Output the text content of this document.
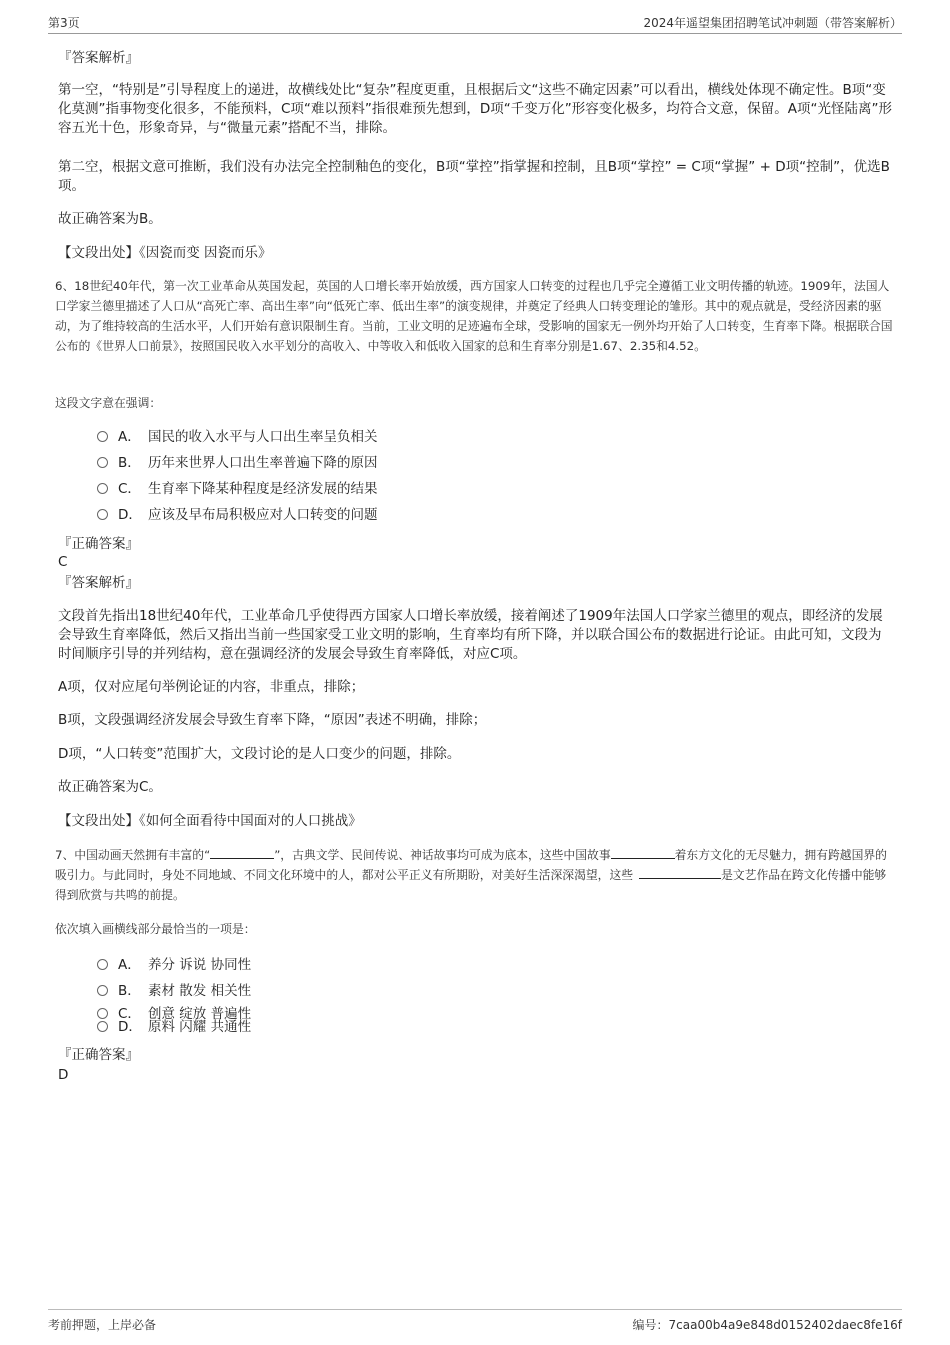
第3页	2024年遥望集团招聘笔试冲刺题（带答案解析）
『答案解析』
第一空，“特别是”引导程度上的递进，故横线处比“复杂”程度更重，且根据后文“这些不确定因素”可以看出，横线处体现不确定性。B项“变化莫测”指事物变化很多，不能预料，C项“难以预料”指很难预先想到，D项“千变万化”形容变化极多，均符合文意，保留。A项“光怪陆离”形容五光十色，形象奇异，与“微量元素”搭配不当，排除。
第二空，根据文意可推断，我们没有办法完全控制釉色的变化，B项“掌控”指掌握和控制，且B项“掌控” = C项“掌握” + D项“控制”，优选B项。
故正确答案为B。
【文段出处】《因瓷而变 因瓷而乐》
6、18世纪40年代，第一次工业革命从英国发起，英国的人口增长率开始放缓，西方国家人口转变的过程也几乎完全遵循工业文明传播的轨迹。1909年，法国人口学家兰德里描述了人口从“高死亡率、高出生率”向“低死亡率、低出生率”的演变规律，并奠定了经典人口转变理论的雏形。其中的观点就是，受经济因素的驱动，为了维持较高的生活水平，人们开始有意识限制生育。当前，工业文明的足迹遍布全球，受影响的国家无一例外均开始了人口转变，生育率下降。根据联合国公布的《世界人口前景》，按照国民收入水平划分的高收入、中等收入和低收入国家的总和生育率分别是1.67、2.35和4.52。
这段文字意在强调：
A． 国民的收入水平与人口出生率呈负相关
B． 历年来世界人口出生率普遍下降的原因
C． 生育率下降某种程度是经济发展的结果
D． 应该及早布局积极应对人口转变的问题
『正确答案』
C
『答案解析』
文段首先指出18世纪40年代，工业革命几乎使得西方国家人口增长率放缓，接着阐述了1909年法国人口学家兰德里的观点，即经济的发展会导致生育率降低，然后又指出当前一些国家受工业文明的影响，生育率均有所下降，并以联合国公布的数据进行论证。由此可知，文段为时间顺序引导的并列结构，意在强调经济的发展会导致生育率降低，对应C项。
A项，仅对应尾句举例论证的内容，非重点，排除；
B项，文段强调经济发展会导致生育率下降，“原因”表述不明确，排除；
D项，“人口转变”范围扩大，文段讨论的是人口变少的问题，排除。
故正确答案为C。
【文段出处】《如何全面看待中国面对的人口挑战》
7、中国动画天然拥有丰富的“	”，古典文学、民间传说、神话故事均可成为底本，这些中国故事	着东方文化的无尽魅力，拥有跨越国界的吸引力。与此同时，身处不同地域、不同文化环境中的人，都对公平正义有所期盼，对美好生活深深渴望，这些	是文艺作品在跨文化传播中能够得到欣赏与共鸣的前提。
依次填入画横线部分最恰当的一项是：
A． 养分 诉说 协同性
B． 素材 散发 相关性
C． 创意 绽放 普遍性
D． 原料 闪耀 共通性
『正确答案』
D
考前押题，上岸必备	编号：7caa00b4a9e848d0152402daec8fe16f
